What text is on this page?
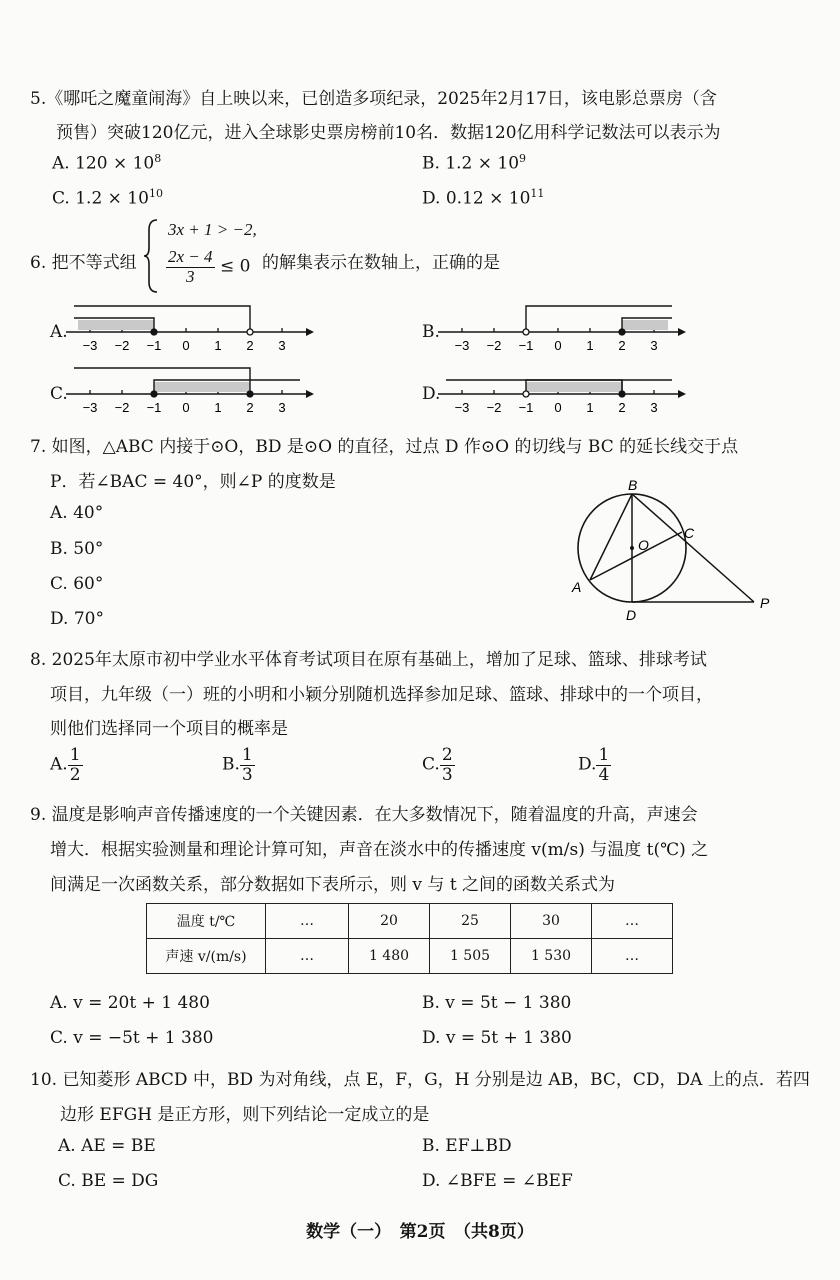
5.《哪吒之魔童闹海》自上映以来，已创造多项纪录，2025年2月17日，该电影总票房（含
预售）突破120亿元，进入全球影史票房榜前10名．数据120亿用科学记数法可以表示为
A. $120 \times 10^8$	B. $1.2 \times 10^9$
C. $1.2 \times 10^{10}$	D. $0.12 \times 10^{11}$
6. 把不等式组
3x + 1 > −2,
$\frac{2x - 4}{3} \le 0$ 的解集表示在数轴上，正确的是
A.	B.
C.	D.
−3 −2 −1 0 1 2 3	−3 −2 −1 0 1 2 3
−3 −2 −1 0 1 2 3	−3 −2 −1 0 1 2 3
7. 如图，△ABC 内接于⊙O，BD 是⊙O 的直径，过点 D 作⊙O 的切线与 BC 的延长线交于点
P．若∠BAC = 40°，则∠P 的度数是
A. 40°
B. 50°
C. 60°
D. 70°
B
O
C
A
D
P
8. 2025年太原市初中学业水平体育考试项目在原有基础上，增加了足球、篮球、排球考试
项目，九年级（一）班的小明和小颖分别随机选择参加足球、篮球、排球中的一个项目，
则他们选择同一个项目的概率是
A. $\frac{1}{2}$	B. $\frac{1}{3}$	C. $\frac{2}{3}$	D. $\frac{1}{4}$
9. 温度是影响声音传播速度的一个关键因素．在大多数情况下，随着温度的升高，声速会
增大．根据实验测量和理论计算可知，声音在淡水中的传播速度 v(m/s) 与温度 t(℃) 之
间满足一次函数关系，部分数据如下表所示，则 v 与 t 之间的函数关系式为
温度 t/℃	…	20	25	30	…
声速 v/(m/s)	…	1 480	1 505	1 530	…
A. v = 20t + 1 480	B. v = 5t − 1 380
C. v = −5t + 1 380	D. v = 5t + 1 380
10. 已知菱形 ABCD 中，BD 为对角线，点 E，F，G，H 分别是边 AB，BC，CD，DA 上的点．若四
边形 EFGH 是正方形，则下列结论一定成立的是
A. AE = BE	B. EF⊥BD
C. BE = DG	D. ∠BFE = ∠BEF
数学（一）　第2页　（共8页）
